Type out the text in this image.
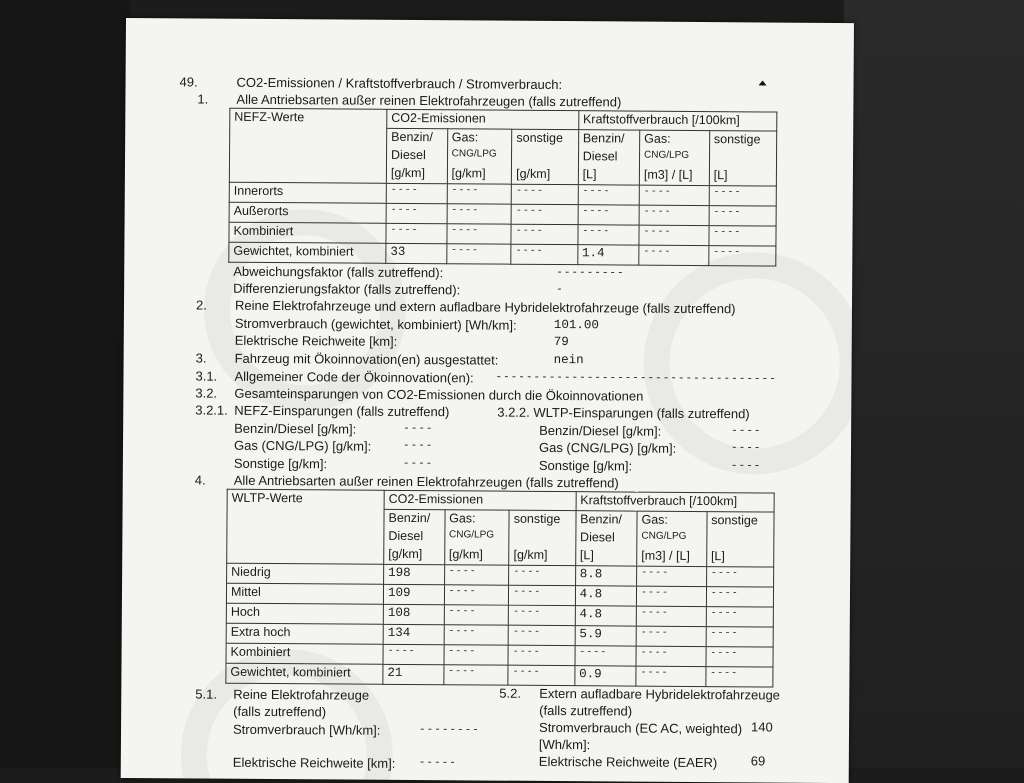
49.	CO2-Emissionen / Kraftstoffverbrauch / Stromverbrauch:
1. Alle Antriebsarten außer reinen Elektrofahrzeugen (falls zutreffend)
NEFZ-Werte	CO2-Emissionen			Kraftstoffverbrauch [/100km]		
	Benzin/	Gas:	sonstige	Benzin/	Gas:	sonstige
	Diesel	CNG/LPG		Diesel	CNG/LPG	
	[g/km]	[g/km]	[g/km]	[L]	[m3] / [L]	[L]
Innerorts	----	----	----	----	----	----
Außerorts	----	----	----	----	----	----
Kombiniert	----	----	----	----	----	----
Gewichtet, kombiniert	33	----	----	1.4	----	----
Abweichungsfaktor (falls zutreffend):	---------
Differenzierungsfaktor (falls zutreffend):	-
2. Reine Elektrofahrzeuge und extern aufladbare Hybridelektrofahrzeuge (falls zutreffend)
Stromverbrauch (gewichtet, kombiniert) [Wh/km]:	101.00
Elektrische Reichweite [km]:	79
3. Fahrzeug mit Ökoinnovation(en) ausgestattet:	nein
3.1. Allgemeiner Code der Ökoinnovation(en): -------------------------------------
3.2. Gesamteinsparungen von CO2-Emissionen durch die Ökoinnovationen
3.2.1. NEFZ-Einsparungen (falls zutreffend)	3.2.2. WLTP-Einsparungen (falls zutreffend)
Benzin/Diesel [g/km]:	----
Gas (CNG/LPG) [g/km]:	----
Sonstige [g/km]:	----
Benzin/Diesel [g/km]:	----
Gas (CNG/LPG) [g/km]:	----
Sonstige [g/km]:	----
4. Alle Antriebsarten außer reinen Elektrofahrzeugen (falls zutreffend)
WLTP-Werte	CO2-Emissionen			Kraftstoffverbrauch [/100km]		
	Benzin/	Gas:	sonstige	Benzin/	Gas:	sonstige
	Diesel	CNG/LPG		Diesel	CNG/LPG	
	[g/km]	[g/km]	[g/km]	[L]	[m3] / [L]	[L]
Niedrig	198	----	----	8.8	----	----
Mittel	109	----	----	4.8	----	----
Hoch	108	----	----	4.8	----	----
Extra hoch	134	----	----	5.9	----	----
Kombiniert	----	----	----	----	----	----
Gewichtet, kombiniert	21	----	----	0.9	----	----
5.1. Reine Elektrofahrzeuge
(falls zutreffend)
Stromverbrauch [Wh/km]:	--------
Elektrische Reichweite [km]: -----
5.2. Extern aufladbare Hybridelektrofahrzeuge
(falls zutreffend)
Stromverbrauch (EC AC, weighted) 140
[Wh/km]:
Elektrische Reichweite (EAER)	69
